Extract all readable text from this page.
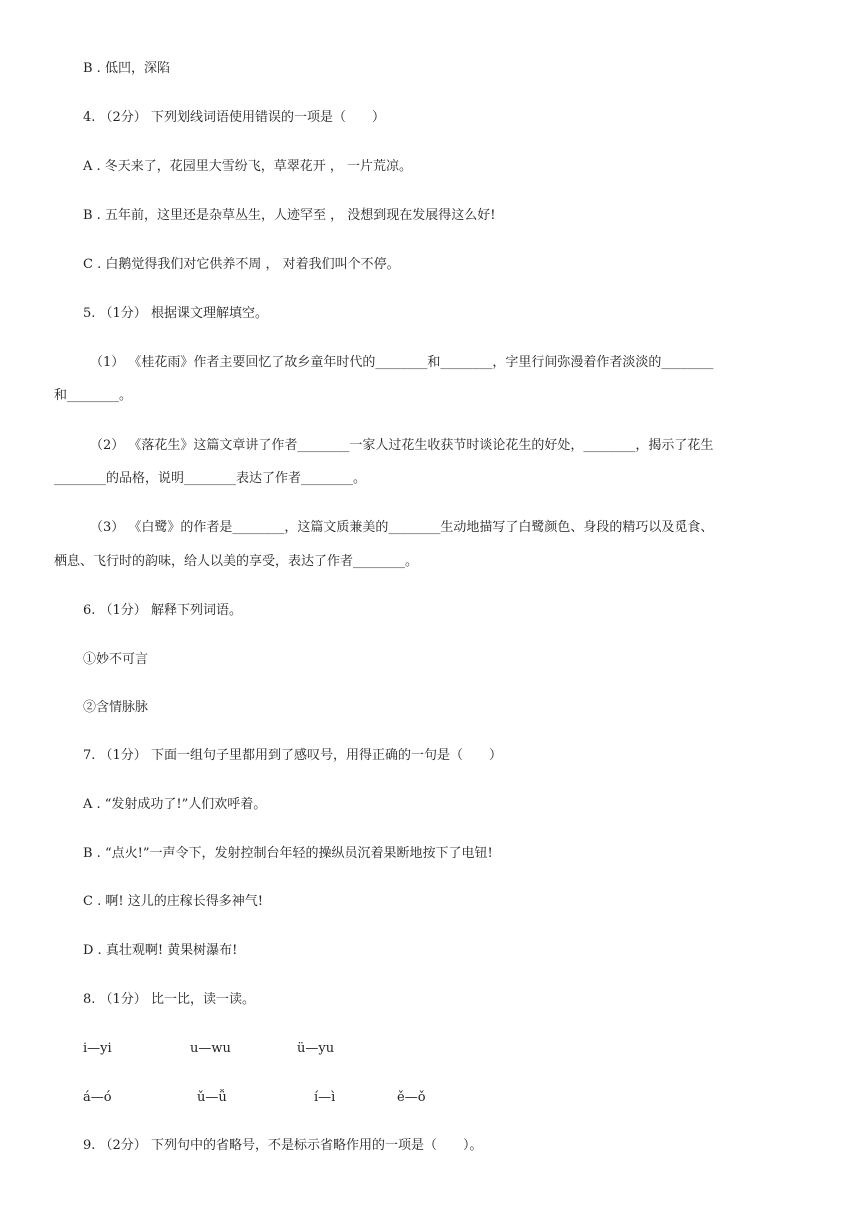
B . 低凹，深陷
4. （2分） 下列划线词语使用错误的一项是（　　）
A . 冬天来了，花园里大雪纷飞，草翠花开 ， 一片荒凉。
B . 五年前，这里还是杂草丛生，人迹罕至 ， 没想到现在发展得这么好!
C . 白鹅觉得我们对它供养不周 ， 对着我们叫个不停。
5. （1分） 根据课文理解填空。
（1） 《桂花雨》作者主要回忆了故乡童年时代的________和________，字里行间弥漫着作者淡淡的________
和________。
（2） 《落花生》这篇文章讲了作者________一家人过花生收获节时谈论花生的好处，________，揭示了花生
________的品格，说明________表达了作者________。
（3） 《白鹭》的作者是________，这篇文质兼美的________生动地描写了白鹭颜色、身段的精巧以及觅食、
栖息、飞行时的韵味，给人以美的享受，表达了作者________。
6. （1分） 解释下列词语。
①妙不可言
②含情脉脉
7. （1分） 下面一组句子里都用到了感叹号，用得正确的一句是（　　）
A . “发射成功了!”人们欢呼着。
B . “点火!”一声令下，发射控制台年轻的操纵员沉着果断地按下了电钮!
C . 啊! 这儿的庄稼长得多神气!
D . 真壮观啊! 黄果树瀑布!
8. （1分） 比一比，读一读。
i—yi	u—wu	ü—yu
á—ó	ǔ—ǚ	í—ì	ě—ǒ
9. （2分） 下列句中的省略号，不是标示省略作用的一项是（　　）。
